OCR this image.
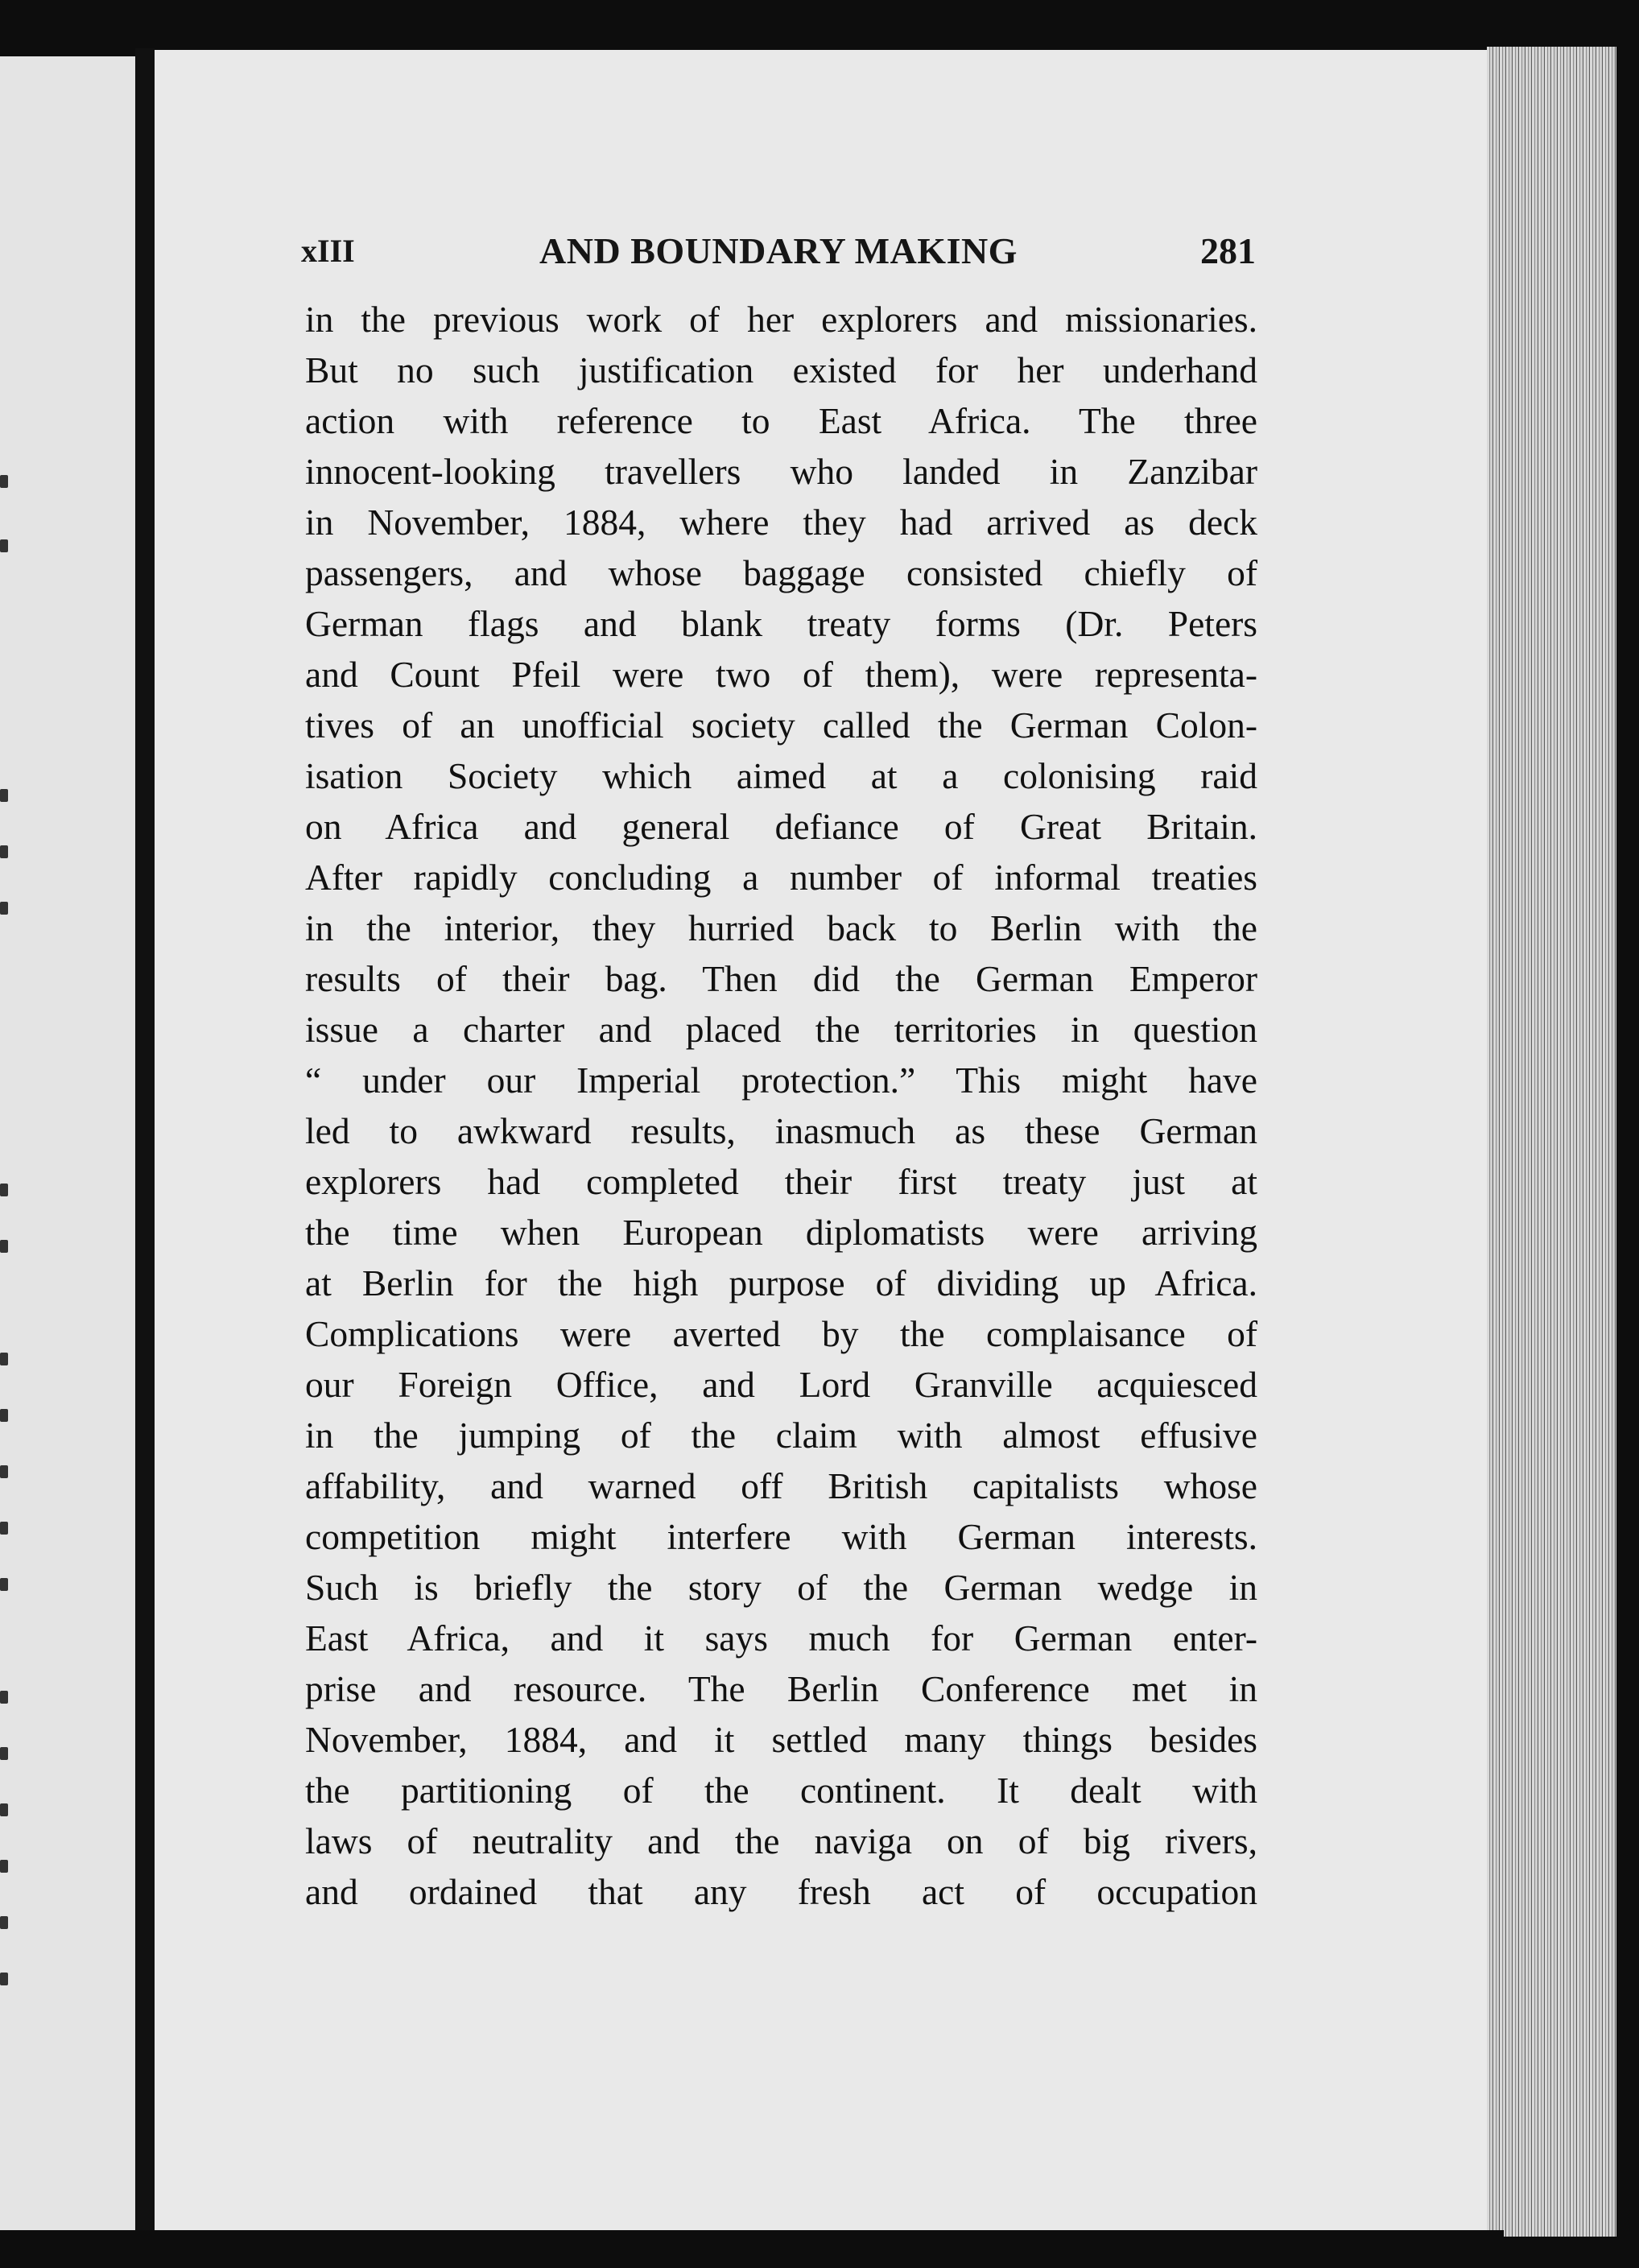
xIII	AND BOUNDARY MAKING	281
in the previous work of her explorers and missionaries.
But no such justification existed for her underhand
action with reference to East Africa. The three
innocent-looking travellers who landed in Zanzibar
in November, 1884, where they had arrived as deck
passengers, and whose baggage consisted chiefly of
German flags and blank treaty forms (Dr. Peters
and Count Pfeil were two of them), were representa-
tives of an unofficial society called the German Colon-
isation Society which aimed at a colonising raid
on Africa and general defiance of Great Britain.
After rapidly concluding a number of informal treaties
in the interior, they hurried back to Berlin with the
results of their bag. Then did the German Emperor
issue a charter and placed the territories in question
“ under our Imperial protection.” This might have
led to awkward results, inasmuch as these German
explorers had completed their first treaty just at
the time when European diplomatists were arriving
at Berlin for the high purpose of dividing up Africa.
Complications were averted by the complaisance of
our Foreign Office, and Lord Granville acquiesced
in the jumping of the claim with almost effusive
affability, and warned off British capitalists whose
competition might interfere with German interests.
Such is briefly the story of the German wedge in
East Africa, and it says much for German enter-
prise and resource. The Berlin Conference met in
November, 1884, and it settled many things besides
the partitioning of the continent. It dealt with
laws of neutrality and the naviga on of big rivers,
and ordained that any fresh act of occupation
